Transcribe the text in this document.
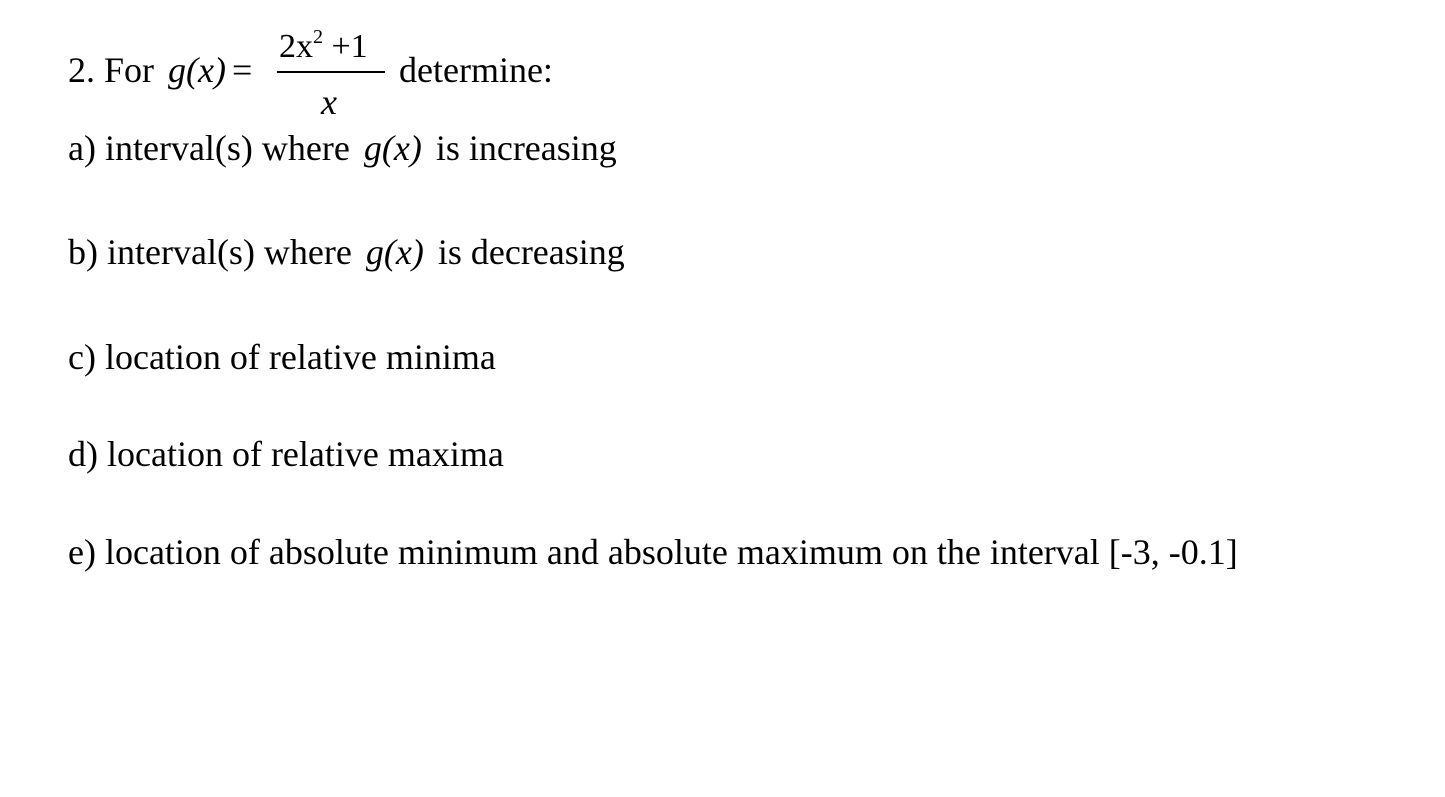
2. For g(x) =
$2x^2 +1$
x
determine:
a) interval(s) where g(x) is increasing
b) interval(s) where g(x) is decreasing
c) location of relative minima
d) location of relative maxima
e) location of absolute minimum and absolute maximum on the interval [-3, -0.1]
